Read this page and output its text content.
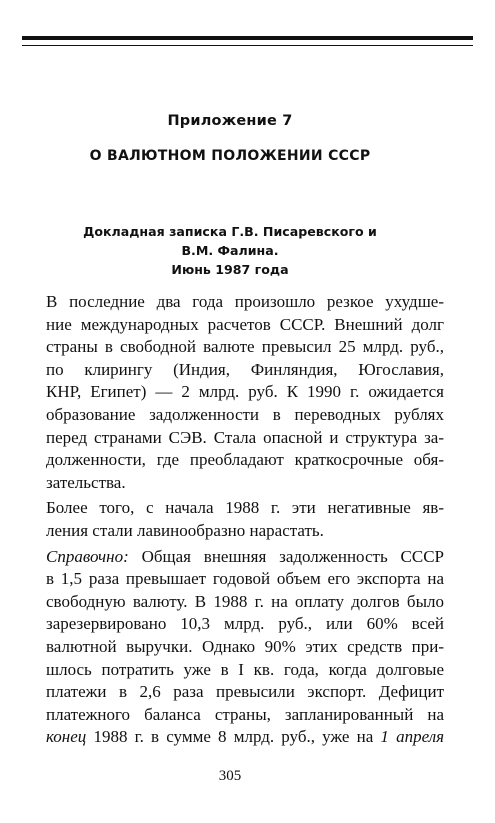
Приложение 7
О ВАЛЮТНОМ ПОЛОЖЕНИИ СССР
Докладная записка Г.В. Писаревского и
В.М. Фалина.
Июнь 1987 года

В последние два года произошло резкое ухудше-
ние международных расчетов СССР. Внешний долг
страны в свободной валюте превысил 25 млрд. руб.,
по клирингу (Индия, Финляндия, Югославия,
КНР, Египет) — 2 млрд. руб. К 1990 г. ожидается
образование задолженности в переводных рублях
перед странами СЭВ. Стала опасной и структура за-
долженности, где преобладают краткосрочные обя-
зательства.

Более того, с начала 1988 г. эти негативные яв-
ления стали лавинообразно нарастать.

Справочно: Общая внешняя задолженность СССР
в 1,5 раза превышает годовой объем его экспорта на
свободную валюту. В 1988 г. на оплату долгов было
зарезервировано 10,3 млрд. руб., или 60% всей
валютной выручки. Однако 90% этих средств при-
шлось потратить уже в I кв. года, когда долговые
платежи в 2,6 раза превысили экспорт. Дефицит
платежного баланса страны, запланированный на
конец 1988 г. в сумме 8 млрд. руб., уже на 1 апреля

305
